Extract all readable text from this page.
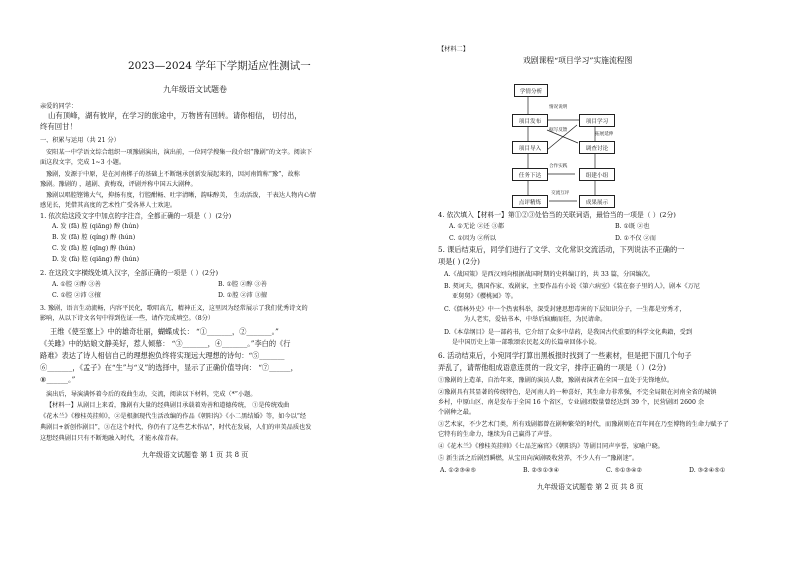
2023—2024 学年下学期适应性测试一
九年级语文试题卷
亲爱的同学：
山有顶峰，湖有彼岸，在学习的旅途中，万物皆有回转。请你相信， 切付出，
终有回甘！
一、积累与运用（共 21 分）
安阳某一中学语文综合组织一项豫剧演出，演出前，一位同学搜集一段介绍“豫剧”的文字。阅读下
面这段文字，完成 1~3 小题。
豫剧，发源于中原，是在河南梆子的基础上不断继承创新发展起来的，因河南简称“豫”，故称
豫剧。豫剧的 ，越剧、黄梅戏，评剧并称中国五大剧种。
豫剧以唱腔铿锵大气，抑扬有度，行腔酣畅、吐字清晰，韵味醇美， 生动活泼， 干表达人物内心情
感见长，凭借其高度的艺术性广受各界人士欢迎。
1. 依次给这段文字中加点的字注音，全都正确的一项是（ ）(2分)
A. 发 (fā) 腔 (qiāng) 醇 (hún)
B. 发 (fā) 腔 (qíng) 醇 (hún)
C. 发 (fà) 腔 (qīng) 醇 (hún)
D. 发 (fà) 腔 (qiāng) 醇 (hún)
2. 在这段文字横线处填入汉字，全部正确的一项是（ ）(2分)
A. ①腔 ②醇 ③善	B. ①腔 ②醇 ③善
C. ①腔 ②沛 ③擅	D. ①腔 ②沛 ③擅
3. 豫剧，语言生动流畅，内容平民化，歌唱高亢，精神正义，这里因为经常展示了我们优秀诗文的
影响，从以下诗文名句中得到佐证一些，请作完成填空。（8分）
王维《使至塞上》中的雄奇壮丽，蝴蝶成长： “①_______，②_______。”
《关雎》中的姑娘文静美好，惹人倾慕： “③_______，④_______。”李白的《行
路难》表达了诗人相信自己的理想抱负终将实现远大理想的诗句：“⑤_______
⑥_______，《孟子》在“生”与“义”的选择中，显示了正确价值导向： “⑦______，
⑧______。”
演出后，导演满怀着今后的戏曲生动，交流，阅读以下材料，完成（*”小题。
【材料一】从剧目上来看，豫剧有大量的经典剧目承载着劝善和道德传统， ①是传统戏曲
《花木兰》《穆桂英挂帅》，②是根据现代生活改编的作品《朝阳沟》《小二黑结婚》等，如今以“经
典剧目+新创作剧目”，③在这个时代，你仍有了这些艺术作品”，时代在发展，人们的审美品质也发
这想经典剧目只有不断地融入时代，才能永葆青春。
九年级语文试题卷 第 1 页 共 8 页
【材料二】
戏剧课程“项目学习”实施流程图
学情分析
项目发布	项目学习
项目导入	调查讨论
任务下达	组建小组
点评精炼	成果展示
情况说明
据写反馈
合作实践
交流互评
拓展延伸
4. 依次填入【材料一】第①②③处恰当的关联词语，最恰当的一项是（ ）(2分)
A. ①无论 ②还 ③都	B. ①既 ②也
C. ①因为 ②所以	D. ①不仅 ②而
5. 课后结束后，同学们进行了文学、文化常识交流活动，下列说法不正确的一
项是( ) (2分)
A.《战国策》是西汉刘向根据战国时期的史料编订的，共 33 篇，分国编次。
B. 契诃夫，俄国作家、戏剧家，主要作品有小说《第六病室》《装在套子里的人》，剧本《万尼
亚舅舅》《樱桃园》等。
C.《儒林外史》中一个热衷科举，深受封建思想毒害的下层知识分子，一生都是穷秀才，
为人老实，爱钻书本，中举后疯癫而狂，为民请命。
D.《本草纲目》是一部药书，它介绍了众多中草药，是我国古代重要的科学文化典籍，受到
是中国历史上第一部歌颂农民起义的长篇章回体小说。
6. 活动结束后，小宛同学打算出黑板报时找到了一些素材，但是把下面几个句子
弄乱了，请帮他组成语意连贯的一段文字，排序正确的一项是（ ）(2分)
①豫剧的上造革，自治年来，豫剧的演员人数，豫剧表演者在全国一直处于先锋地位。
②豫剧具有其显著的传统特色，是河南人的一种喜好，其生命力非常强，不完全局限在河南全省的城镇
乡村，中原山区、南是发布于全国 16 个省区，专业剧团数量曾经达到 39 个，民营剧团 2600 余
个剧种之最。
③艺术家，不少艺术门类，所有戏剧都曾在剧种繁荣的时代，而豫剧则在百年间在乃至博物的生命力赋予了
它特有的生命力，继续为自己赢得了声誉。
④《花木兰》《穆桂英挂帅》《七品芝麻官》《朝阳沟》等剧目同声享誉，家喻户晓。
⑤ 新生活之后剧烈瞬燃，从宝田向演剧吸收营养，不少人有一“豫剧迷”。
A. ①②③④⑤	B. ②⑤①③④	C. ⑤①③④②	D. ③②④⑤①
九年级语文试题卷 第 2 页 共 8 页
